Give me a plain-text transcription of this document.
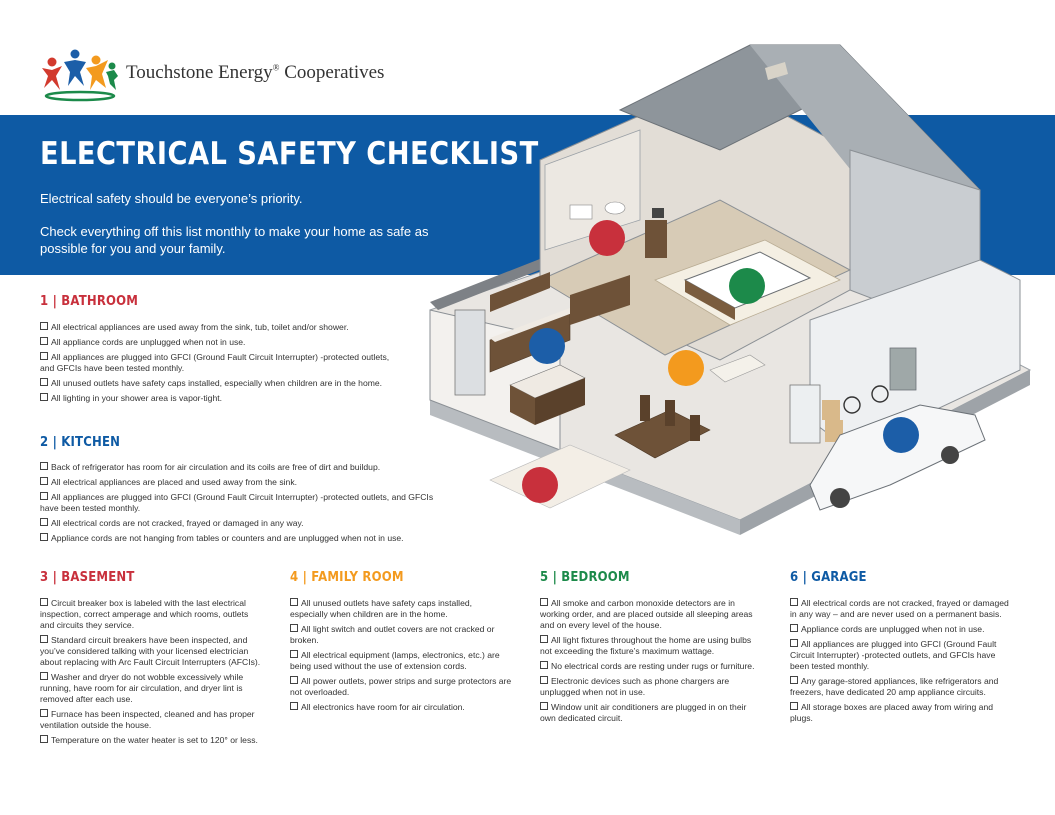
Touchstone Energy® Cooperatives
ELECTRICAL SAFETY CHECKLIST
Electrical safety should be everyone’s priority.
Check everything off this list monthly to make your home as safe as possible for you and your family.
1 | BATHROOM
All electrical appliances are used away from the sink, tub, toilet and/or shower.
All appliance cords are unplugged when not in use.
All appliances are plugged into GFCI (Ground Fault Circuit Interrupter) -protected outlets, and GFCIs have been tested monthly.
All unused outlets have safety caps installed, especially when children are in the home.
All lighting in your shower area is vapor-tight.
2 | KITCHEN
Back of refrigerator has room for air circulation and its coils are free of dirt and buildup.
All electrical appliances are placed and used away from the sink.
All appliances are plugged into GFCI (Ground Fault Circuit Interrupter) -protected outlets, and GFCIs have been tested monthly.
All electrical cords are not cracked, frayed or damaged in any way.
Appliance cords are not hanging from tables or counters and are unplugged when not in use.
3 | BASEMENT
Circuit breaker box is labeled with the last electrical inspection, correct amperage and which rooms, outlets and circuits they service.
Standard circuit breakers have been inspected, and you’ve considered talking with your licensed electrician about replacing with Arc Fault Circuit Interrupters (AFCIs).
Washer and dryer do not wobble excessively while running, have room for air circulation, and dryer lint is removed after each use.
Furnace has been inspected, cleaned and has proper ventilation outside the house.
Temperature on the water heater is set to 120° or less.
4 | FAMILY ROOM
All unused outlets have safety caps installed, especially when children are in the home.
All light switch and outlet covers are not cracked or broken.
All electrical equipment (lamps, electronics, etc.) are being used without the use of extension cords.
All power outlets, power strips and surge protectors are not overloaded.
All electronics have room for air circulation.
5 | BEDROOM
All smoke and carbon monoxide detectors are in working order, and are placed outside all sleeping areas and on every level of the house.
All light fixtures throughout the home are using bulbs not exceeding the fixture’s maximum wattage.
No electrical cords are resting under rugs or furniture.
Electronic devices such as phone chargers are unplugged when not in use.
Window unit air conditioners are plugged in on their own dedicated circuit.
6 | GARAGE
All electrical cords are not cracked, frayed or damaged in any way – and are never used on a permanent basis.
Appliance cords are unplugged when not in use.
All appliances are plugged into GFCI (Ground Fault Circuit Interrupter) -protected outlets, and GFCIs have been tested monthly.
Any garage-stored appliances, like refrigerators and freezers, have dedicated 20 amp appliance circuits.
All storage boxes are placed away from wiring and plugs.
